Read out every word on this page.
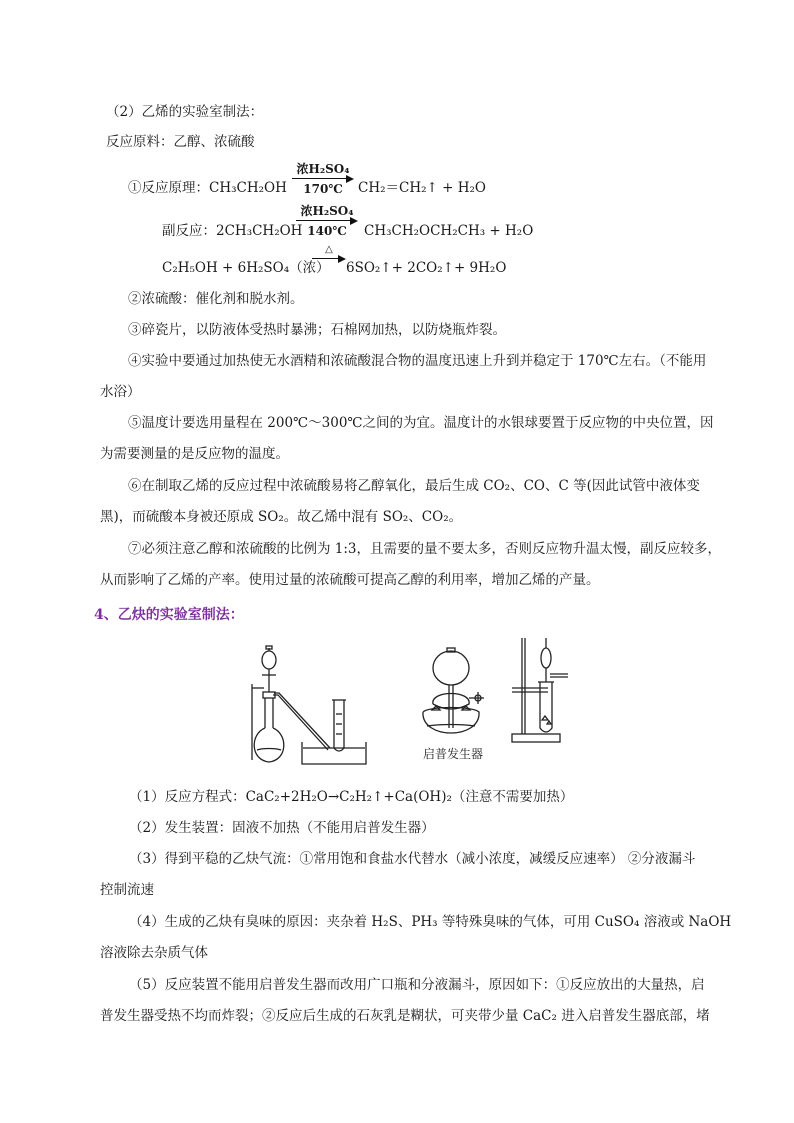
（2）乙烯的实验室制法：
反应原料：乙醇、浓硫酸
①反应原理：CH₃CH₂OH
浓H₂SO₄
170℃	CH₂＝CH₂↑ + H₂O
副反应：2CH₃CH₂OH
浓H₂SO₄
140℃	CH₃CH₂OCH₂CH₃ + H₂O
C₂H₅OH + 6H₂SO₄（浓）
△
6SO₂↑+ 2CO₂↑+ 9H₂O
②浓硫酸：催化剂和脱水剂。
③碎瓷片，以防液体受热时暴沸；石棉网加热，以防烧瓶炸裂。
④实验中要通过加热使无水酒精和浓硫酸混合物的温度迅速上升到并稳定于 170℃左右。（不能用
水浴）
⑤温度计要选用量程在 200℃～300℃之间的为宜。温度计的水银球要置于反应物的中央位置，因
为需要测量的是反应物的温度。
⑥在制取乙烯的反应过程中浓硫酸易将乙醇氧化，最后生成 CO₂、CO、C 等(因此试管中液体变
黑)，而硫酸本身被还原成 SO₂。故乙烯中混有 SO₂、CO₂。
⑦必须注意乙醇和浓硫酸的比例为 1:3，且需要的量不要太多，否则反应物升温太慢，副反应较多，
从而影响了乙烯的产率。使用过量的浓硫酸可提高乙醇的利用率，增加乙烯的产量。
4、乙炔的实验室制法：
启普发生器
（1）反应方程式：CaC₂+2H₂O→C₂H₂↑+Ca(OH)₂（注意不需要加热）
（2）发生装置：固液不加热（不能用启普发生器）
（3）得到平稳的乙炔气流：①常用饱和食盐水代替水（减小浓度，减缓反应速率） ②分液漏斗
控制流速
（4）生成的乙炔有臭味的原因：夹杂着 H₂S、PH₃ 等特殊臭味的气体，可用 CuSO₄ 溶液或 NaOH
溶液除去杂质气体
（5）反应装置不能用启普发生器而改用广口瓶和分液漏斗，原因如下：①反应放出的大量热，启
普发生器受热不均而炸裂；②反应后生成的石灰乳是糊状，可夹带少量 CaC₂ 进入启普发生器底部，堵
